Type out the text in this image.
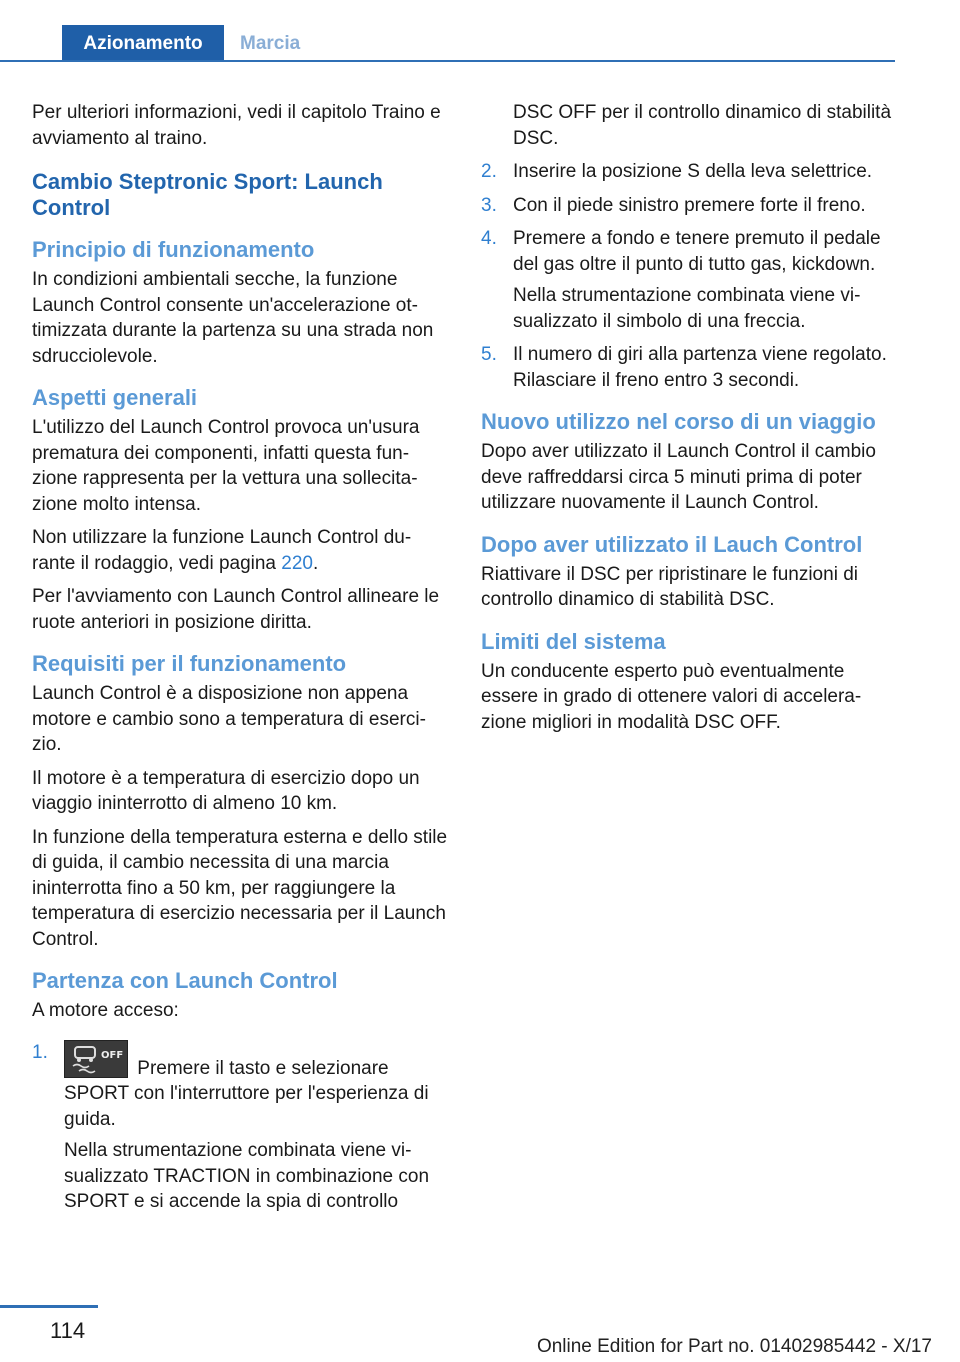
Azionamento	Marcia

Per ulteriori informazioni, vedi il capitolo Traino e avviamento al traino.

Cambio Steptronic Sport: Launch Control
Principio di funzionamento

In condizioni ambientali secche, la funzione Launch Control consente un'accelerazione ottimizzata durante la partenza su una strada non sdrucciolevole.

Aspetti generali

L'utilizzo del Launch Control provoca un'usura prematura dei componenti, infatti questa funzione rappresenta per la vettura una sollecitazione molto intensa.

Non utilizzare la funzione Launch Control durante il rodaggio, vedi pagina 220.

Per l'avviamento con Launch Control allineare le ruote anteriori in posizione diritta.

Requisiti per il funzionamento

Launch Control è a disposizione non appena motore e cambio sono a temperatura di esercizio.

Il motore è a temperatura di esercizio dopo un viaggio ininterrotto di almeno 10 km.

In funzione della temperatura esterna e dello stile di guida, il cambio necessita di una marcia ininterrotta fino a 50 km, per raggiungere la temperatura di esercizio necessaria per il Launch Control.

Partenza con Launch Control

A motore acceso:

1.	OFF
Premere il tasto e selezionare SPORT con l'interruttore per l'esperienza di guida.
Nella strumentazione combinata viene visualizzato TRACTION in combinazione con SPORT e si accende la spia di controllo

DSC OFF per il controllo dinamico di stabilità DSC.

2. Inserire la posizione S della leva selettrice.
3. Con il piede sinistro premere forte il freno.
4. Premere a fondo e tenere premuto il pedale del gas oltre il punto di tutto gas, kickdown.
Nella strumentazione combinata viene visualizzato il simbolo di una freccia.
5. Il numero di giri alla partenza viene regolato. Rilasciare il freno entro 3 secondi.
Nuovo utilizzo nel corso di un viaggio

Dopo aver utilizzato il Launch Control il cambio deve raffreddarsi circa 5 minuti prima di poter utilizzare nuovamente il Launch Control.

Dopo aver utilizzato il Lauch Control

Riattivare il DSC per ripristinare le funzioni di controllo dinamico di stabilità DSC.

Limiti del sistema

Un conducente esperto può eventualmente essere in grado di ottenere valori di accelerazione migliori in modalità DSC OFF.

114
Online Edition for Part no. 01402985442 - X/17
